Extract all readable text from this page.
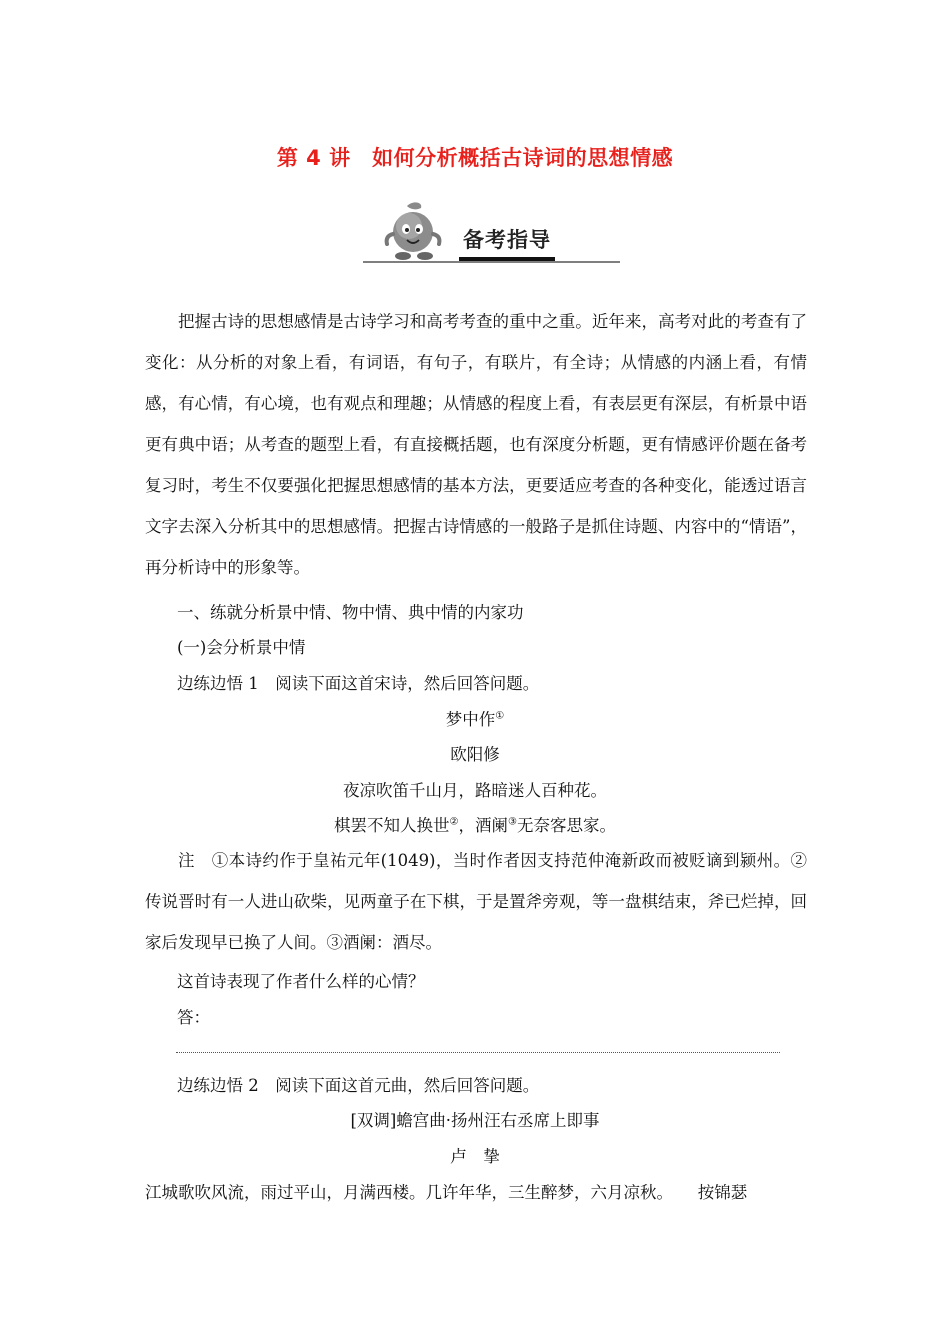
第 4 讲　如何分析概括古诗词的思想情感
备考指导

把握古诗的思想感情是古诗学习和高考考查的重中之重。近年来，高考对此的考查有了变化：从分析的对象上看，有词语，有句子，有联片，有全诗；从情感的内涵上看，有情感，有心情，有心境，也有观点和理趣；从情感的程度上看，有表层更有深层，有析景中语更有典中语；从考查的题型上看，有直接概括题，也有深度分析题，更有情感评价题在备考复习时，考生不仅要强化把握思想感情的基本方法，更要适应考查的各种变化，能透过语言文字去深入分析其中的思想感情。把握古诗情感的一般路子是抓住诗题、内容中的“情语”，再分析诗中的形象等。

一、练就分析景中情、物中情、典中情的内家功
(一)会分析景中情
边练边悟 1　阅读下面这首宋诗，然后回答问题。
梦中作①
欧阳修
夜凉吹笛千山月，路暗迷人百种花。
棋罢不知人换世②，酒阑③无奈客思家。

注　①本诗约作于皇祐元年(1049)，当时作者因支持范仲淹新政而被贬谪到颍州。②传说晋时有一人进山砍柴，见两童子在下棋，于是置斧旁观，等一盘棋结束，斧已烂掉，回家后发现早已换了人间。③酒阑：酒尽。

这首诗表现了作者什么样的心情？
答：
边练边悟 2　阅读下面这首元曲，然后回答问题。
[双调]蟾宫曲·扬州汪右丞席上即事
卢　挚
江城歌吹风流，雨过平山，月满西楼。几许年华，三生醉梦，六月凉秋。　　按锦瑟
